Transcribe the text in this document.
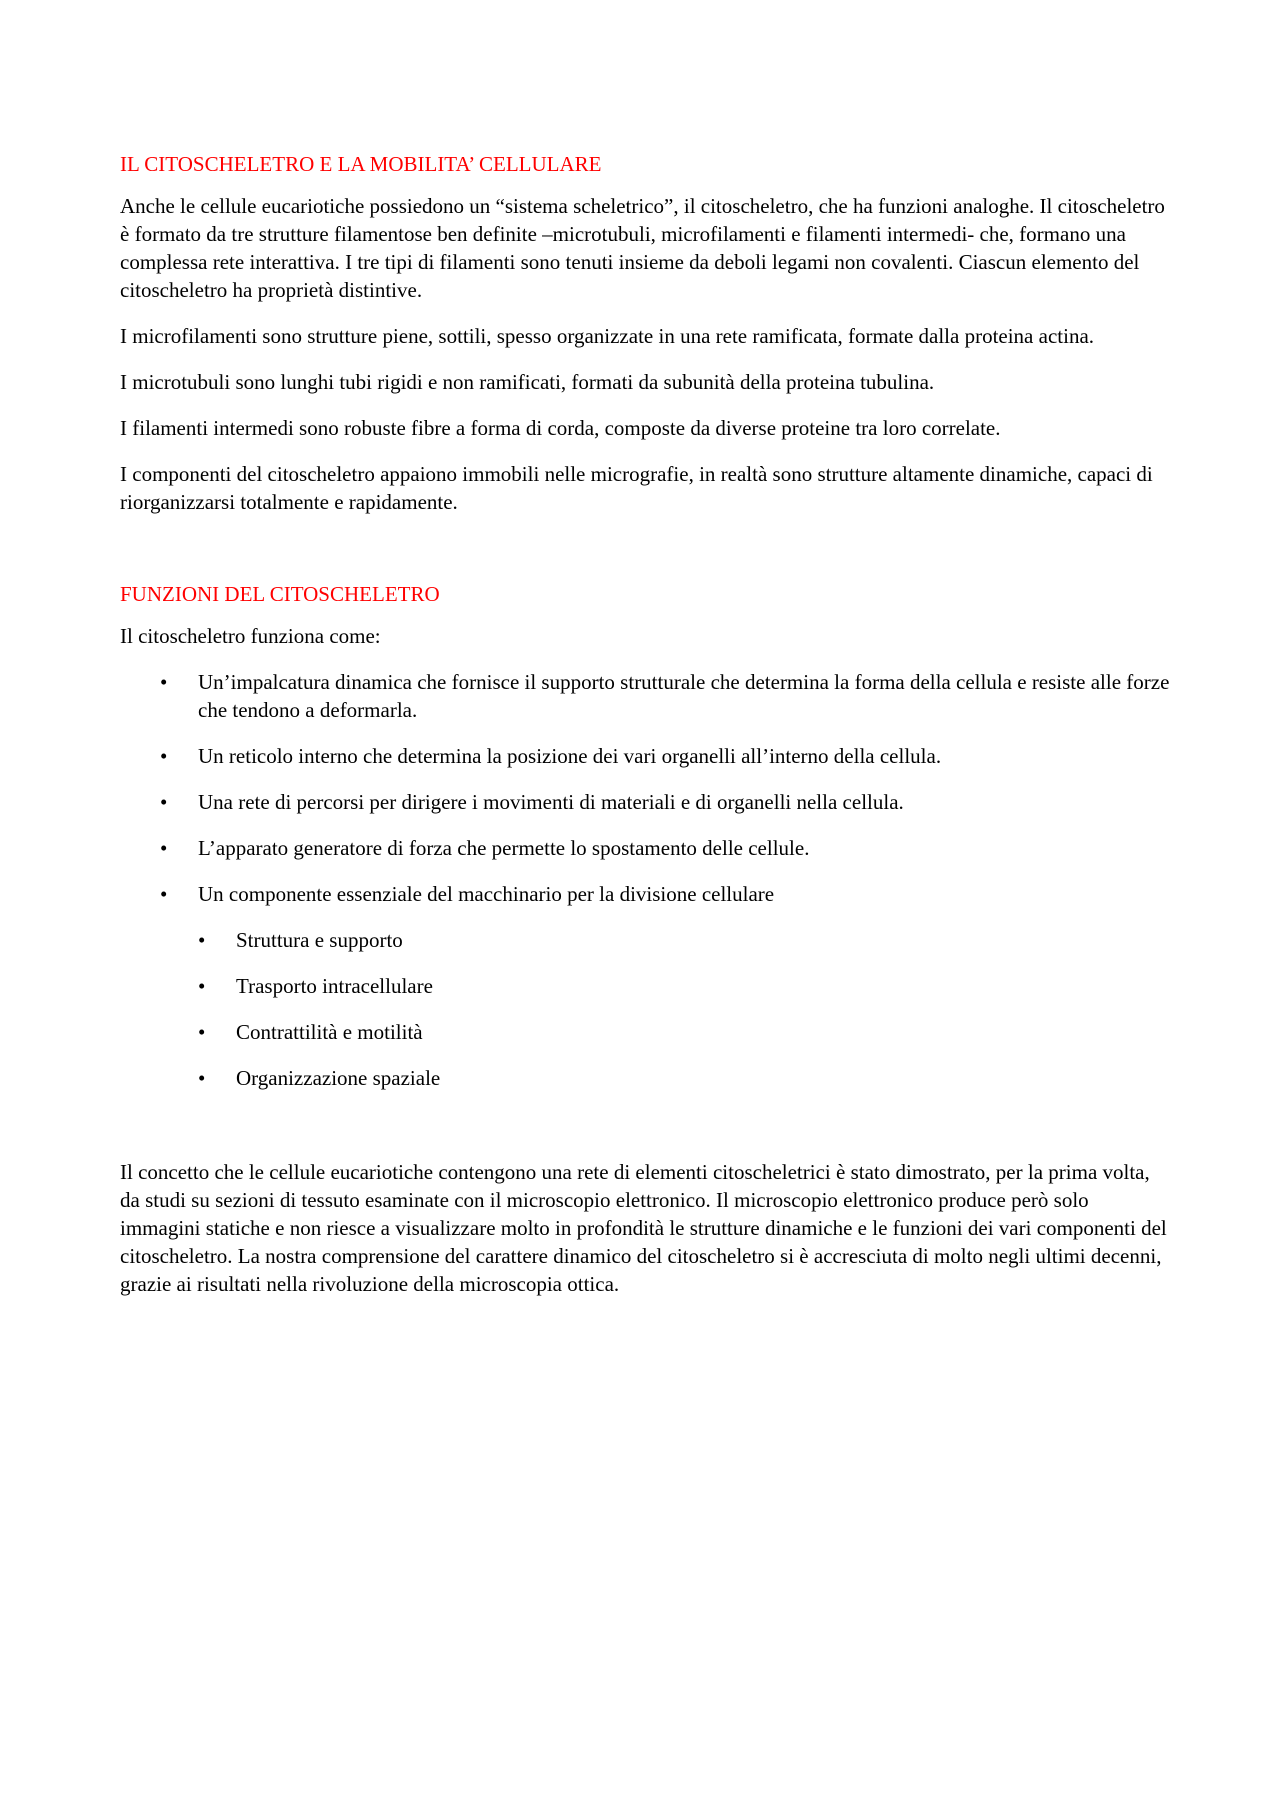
IL CITOSCHELETRO E LA MOBILITA’ CELLULARE

Anche le cellule eucariotiche possiedono un “sistema scheletrico”, il citoscheletro, che ha funzioni analoghe. Il citoscheletro è formato da tre strutture filamentose ben definite –microtubuli, microfilamenti e filamenti intermedi- che, formano una complessa rete interattiva. I tre tipi di filamenti sono tenuti insieme da deboli legami non covalenti. Ciascun elemento del citoscheletro ha proprietà distintive.

I microfilamenti sono strutture piene, sottili, spesso organizzate in una rete ramificata, formate dalla proteina actina.

I microtubuli sono lunghi tubi rigidi e non ramificati, formati da subunità della proteina tubulina.

I filamenti intermedi sono robuste fibre a forma di corda, composte da diverse proteine tra loro correlate.

I componenti del citoscheletro appaiono immobili nelle micrografie, in realtà sono strutture altamente dinamiche, capaci di riorganizzarsi totalmente e rapidamente.

FUNZIONI DEL CITOSCHELETRO

Il citoscheletro funziona come:

• Un’impalcatura dinamica che fornisce il supporto strutturale che determina la forma della cellula e resiste alle forze che tendono a deformarla.
• Un reticolo interno che determina la posizione dei vari organelli all’interno della cellula.
• Una rete di percorsi per dirigere i movimenti di materiali e di organelli nella cellula.
• L’apparato generatore di forza che permette lo spostamento delle cellule.
• Un componente essenziale del macchinario per la divisione cellulare
• Struttura e supporto
• Trasporto intracellulare
• Contrattilità e motilità
• Organizzazione spaziale

Il concetto che le cellule eucariotiche contengono una rete di elementi citoscheletrici è stato dimostrato, per la prima volta, da studi su sezioni di tessuto esaminate con il microscopio elettronico. Il microscopio elettronico produce però solo immagini statiche e non riesce a visualizzare molto in profondità le strutture dinamiche e le funzioni dei vari componenti del citoscheletro. La nostra comprensione del carattere dinamico del citoscheletro si è accresciuta di molto negli ultimi decenni, grazie ai risultati nella rivoluzione della microscopia ottica.
